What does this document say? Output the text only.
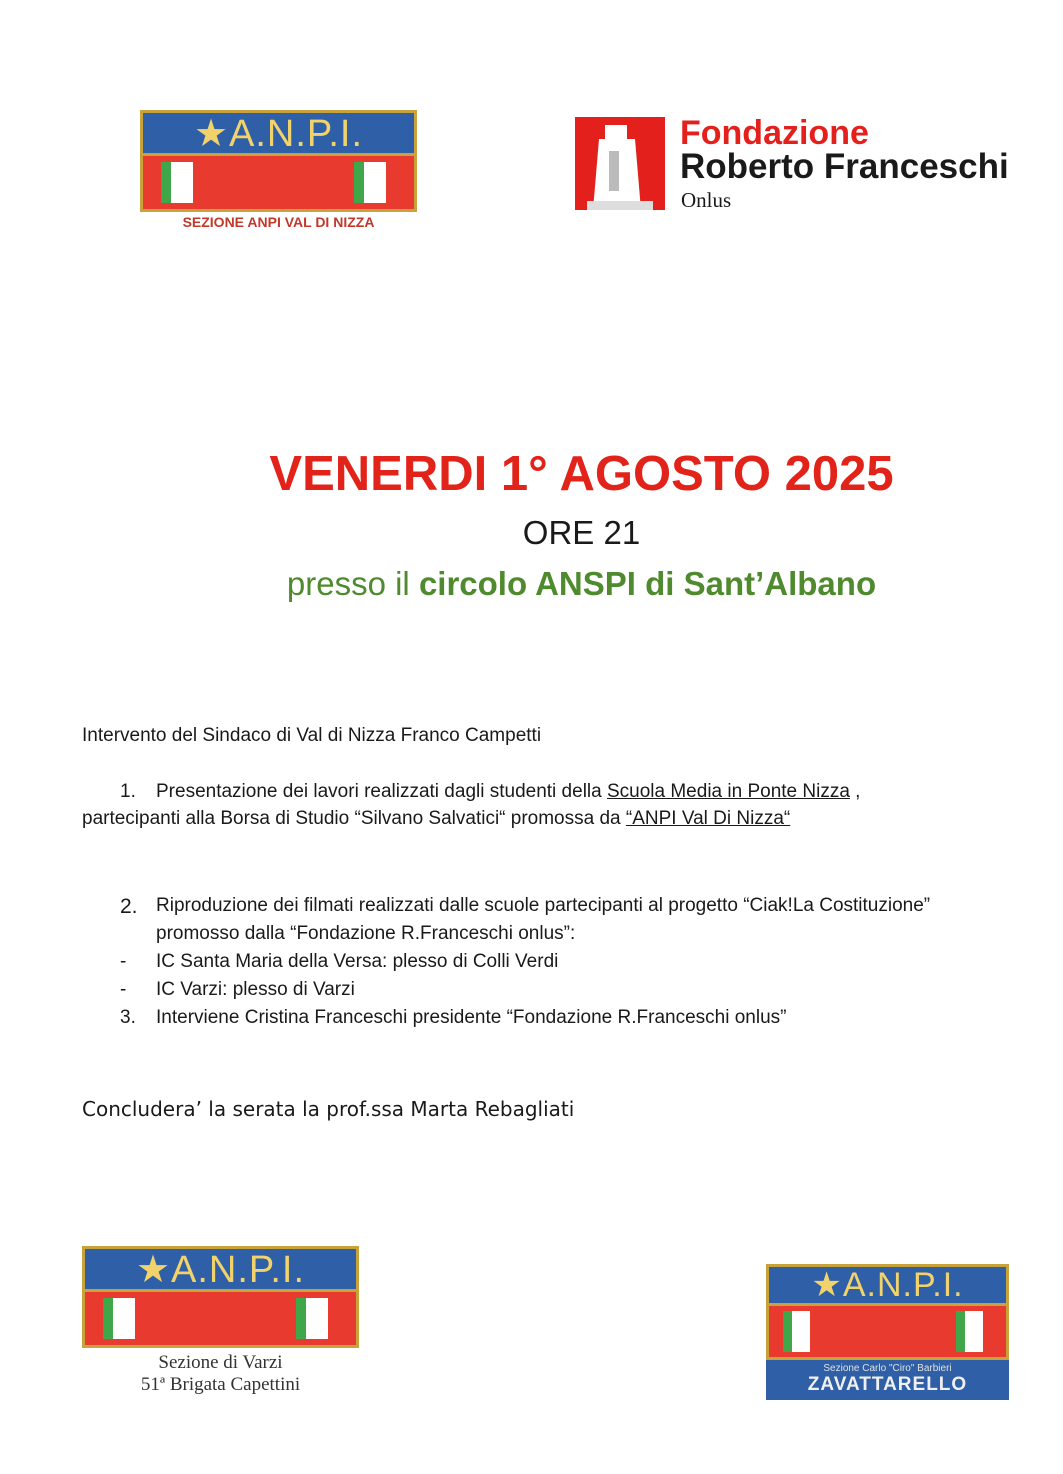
★A.N.P.I.
SEZIONE ANPI VAL DI NIZZA
Fondazione
Roberto Franceschi
Onlus
VENERDI 1° AGOSTO 2025
ORE 21
presso il circolo ANSPI di Sant’Albano
Intervento del Sindaco di Val di Nizza Franco Campetti
1. Presentazione dei lavori realizzati dagli studenti della Scuola Media in Ponte Nizza ,
partecipanti alla Borsa di Studio “Silvano Salvatici“ promossa da “ANPI Val Di Nizza“
2. Riproduzione dei filmati realizzati dalle scuole partecipanti al progetto “Ciak!La Costituzione”
promosso dalla “Fondazione R.Franceschi onlus”:
- IC Santa Maria della Versa: plesso di Colli Verdi
- IC Varzi: plesso di Varzi
3. Interviene Cristina Franceschi presidente “Fondazione R.Franceschi onlus”
Concludera’ la serata la prof.ssa Marta Rebagliati
★A.N.P.I.
Sezione di Varzi
51ª Brigata Capettini
★A.N.P.I.
Sezione Carlo "Ciro" Barbieri
ZAVATTARELLO
